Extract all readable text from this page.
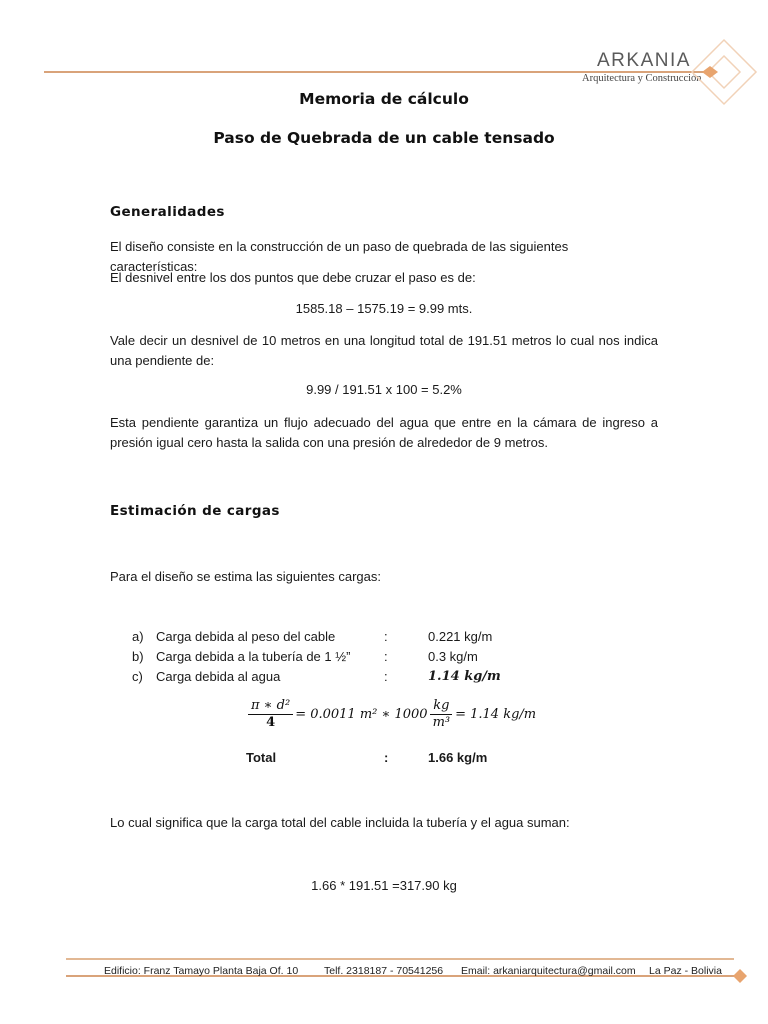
ARKANIA
Arquitectura y Construcción
Memoria de cálculo
Paso de Quebrada de un cable tensado
Generalidades
El diseño consiste en la construcción de un paso de quebrada de las siguientes características:
El desnivel entre los dos puntos que debe cruzar el paso es de:
1585.18 – 1575.19 = 9.99 mts.
Vale decir un desnivel de 10 metros en una longitud total de 191.51 metros lo cual nos indica una pendiente de:
9.99 / 191.51 x 100 = 5.2%
Esta pendiente garantiza un flujo adecuado del agua que entre en la cámara de ingreso a presión igual cero hasta la salida con una presión de alrededor de 9 metros.
Estimación de cargas
Para el diseño se estima las siguientes cargas:
a) Carga debida al peso del cable	:	0.221 kg/m
b) Carga debida a la tubería de 1 ½”	:	0.3 kg/m
c) Carga debida al agua	:	1.14 kg/m
$\frac{\text{π ∗ d²}}{4} = 0.0011$ m² ∗ $1000 \frac{kg}{\text{m³}} = 1.14$ kg/m
Total	:	1.66 kg/m
Lo cual significa que la carga total del cable incluida la tubería y el agua suman:
1.66 * 191.51 =317.90 kg
Edificio: Franz Tamayo Planta Baja Of. 10 Telf. 2318187 - 70541256 Email: arkaniarquitectura@gmail.com La Paz - Bolivia
